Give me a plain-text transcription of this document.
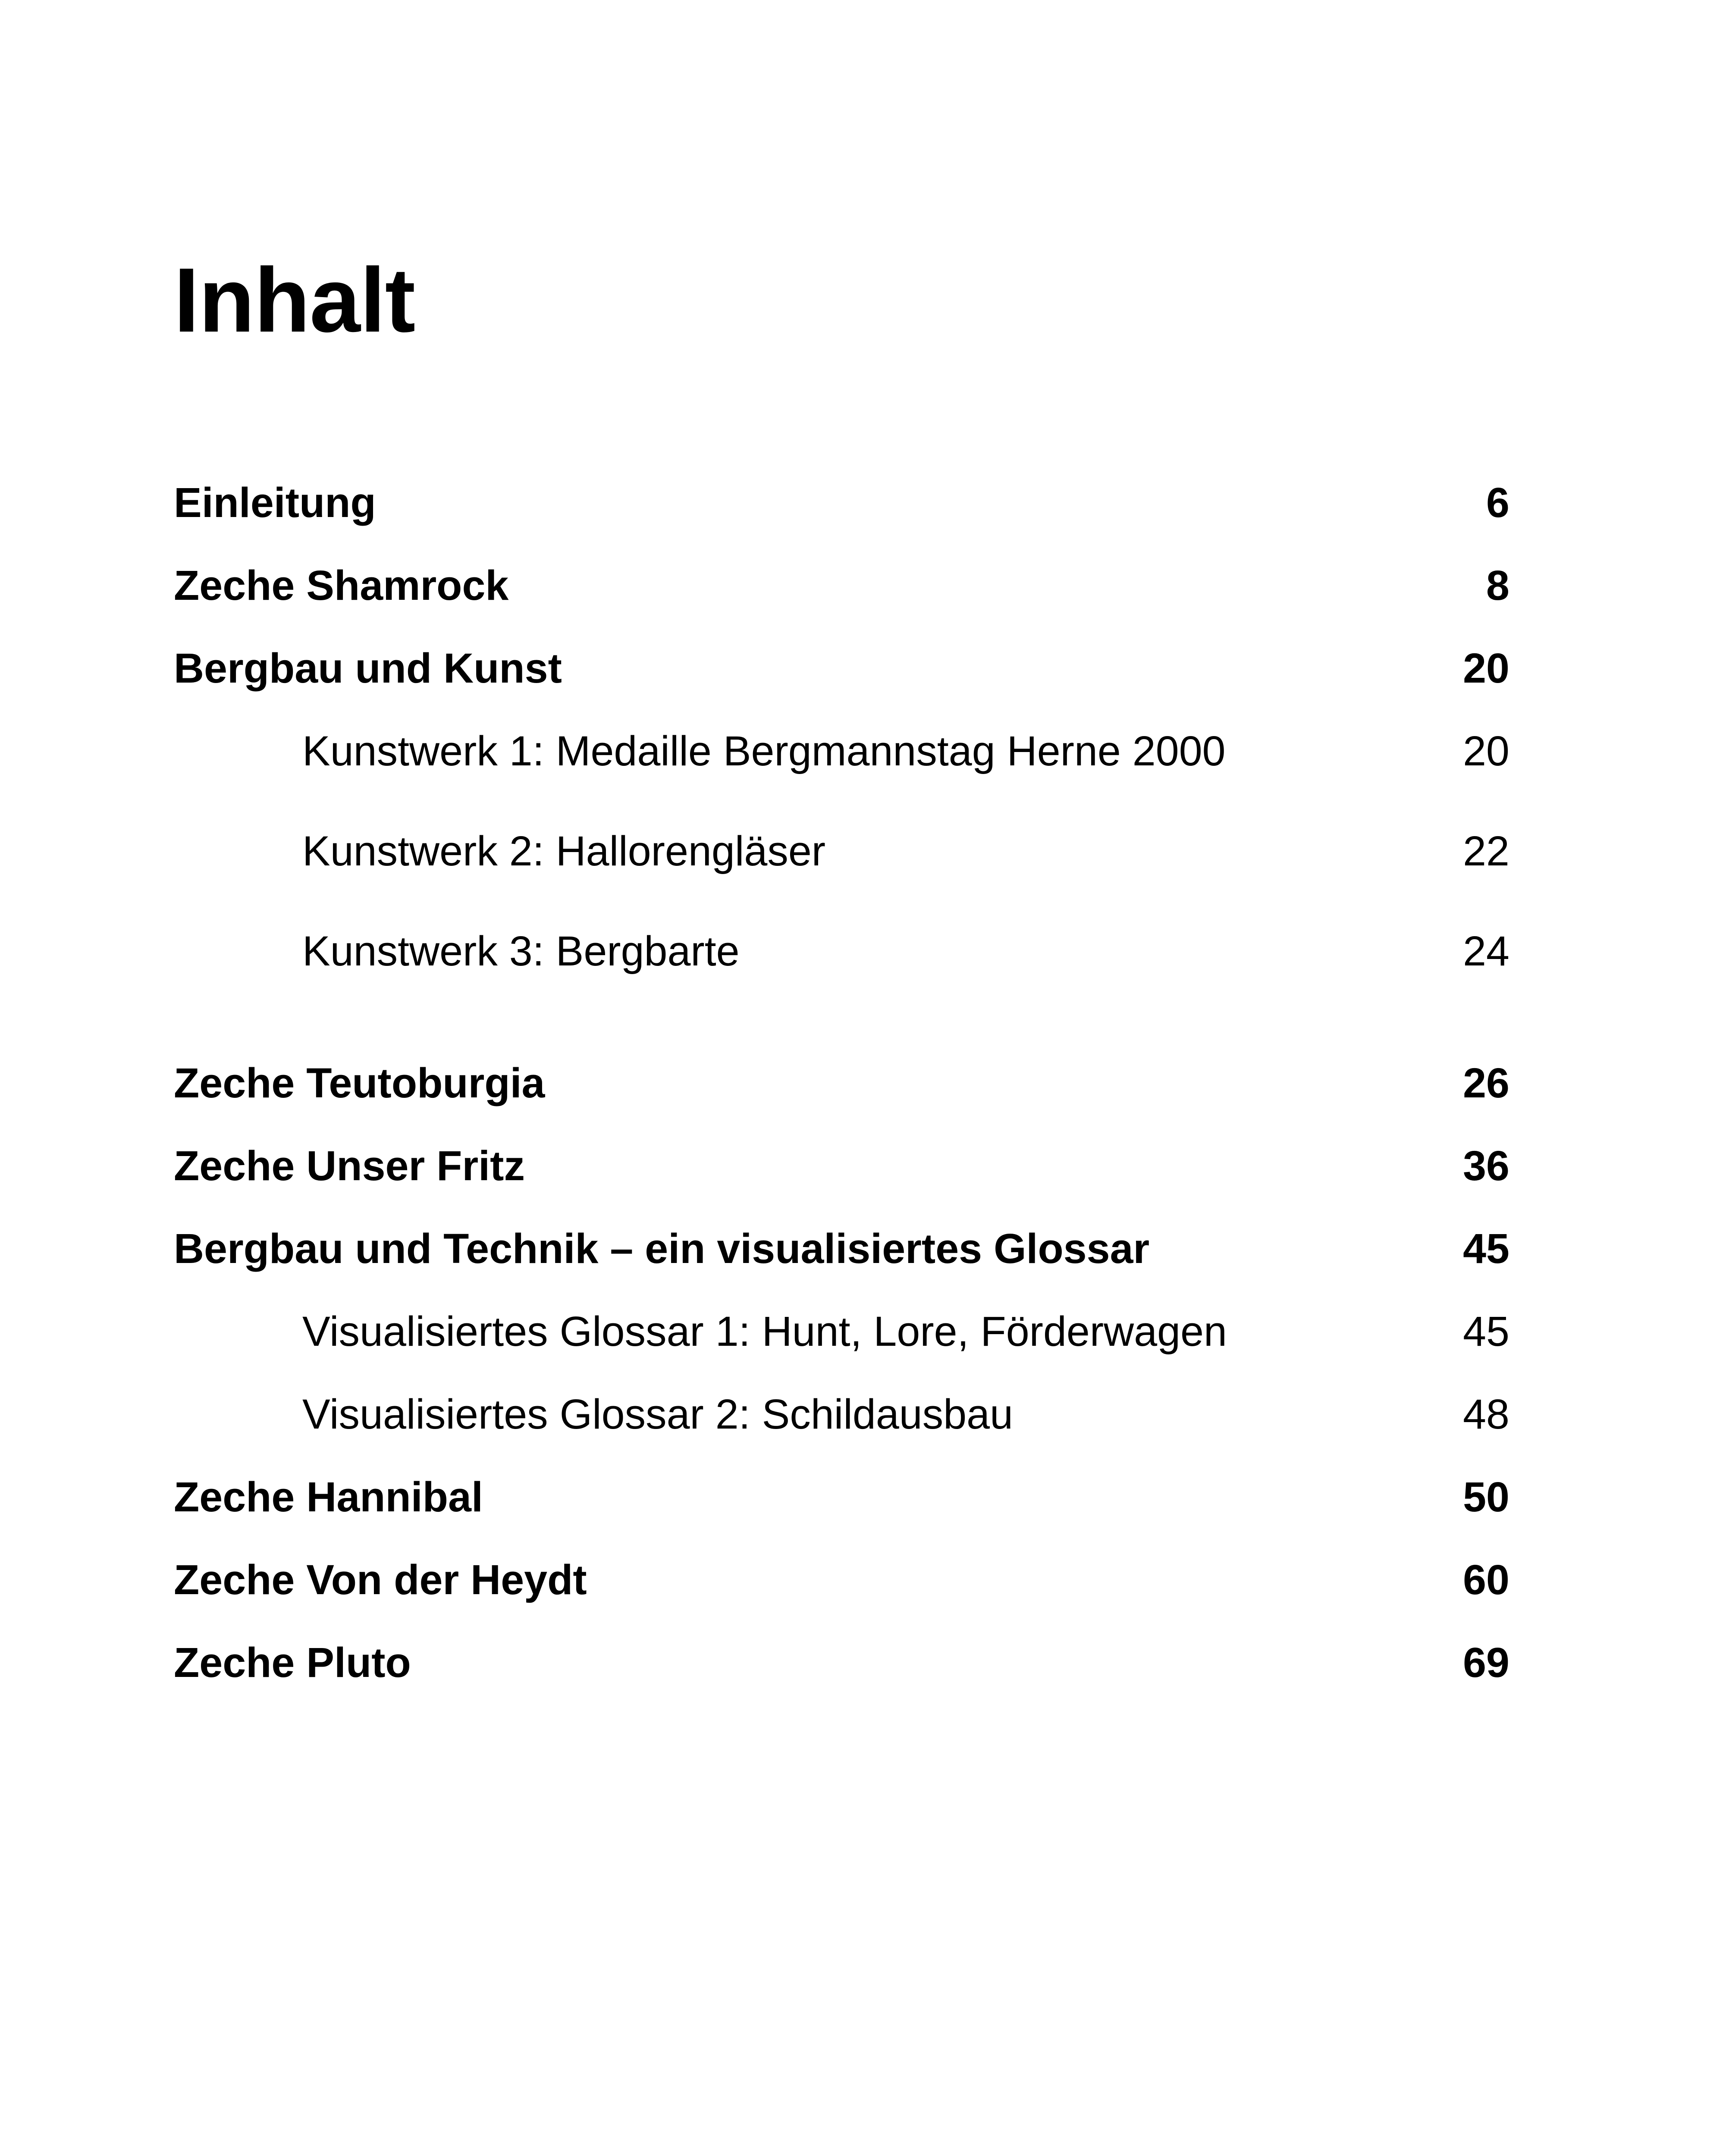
Inhalt
Einleitung	6
Zeche Shamrock	8
Bergbau und Kunst	20
Kunstwerk 1: Medaille Bergmannstag Herne 2000	20
Kunstwerk 2: Hallorengläser	22
Kunstwerk 3: Bergbarte	24
Zeche Teutoburgia	26
Zeche Unser Fritz	36
Bergbau und Technik – ein visualisiertes Glossar	45
Visualisiertes Glossar 1: Hunt, Lore, Förderwagen	45
Visualisiertes Glossar 2: Schildausbau	48
Zeche Hannibal	50
Zeche Von der Heydt	60
Zeche Pluto	69
